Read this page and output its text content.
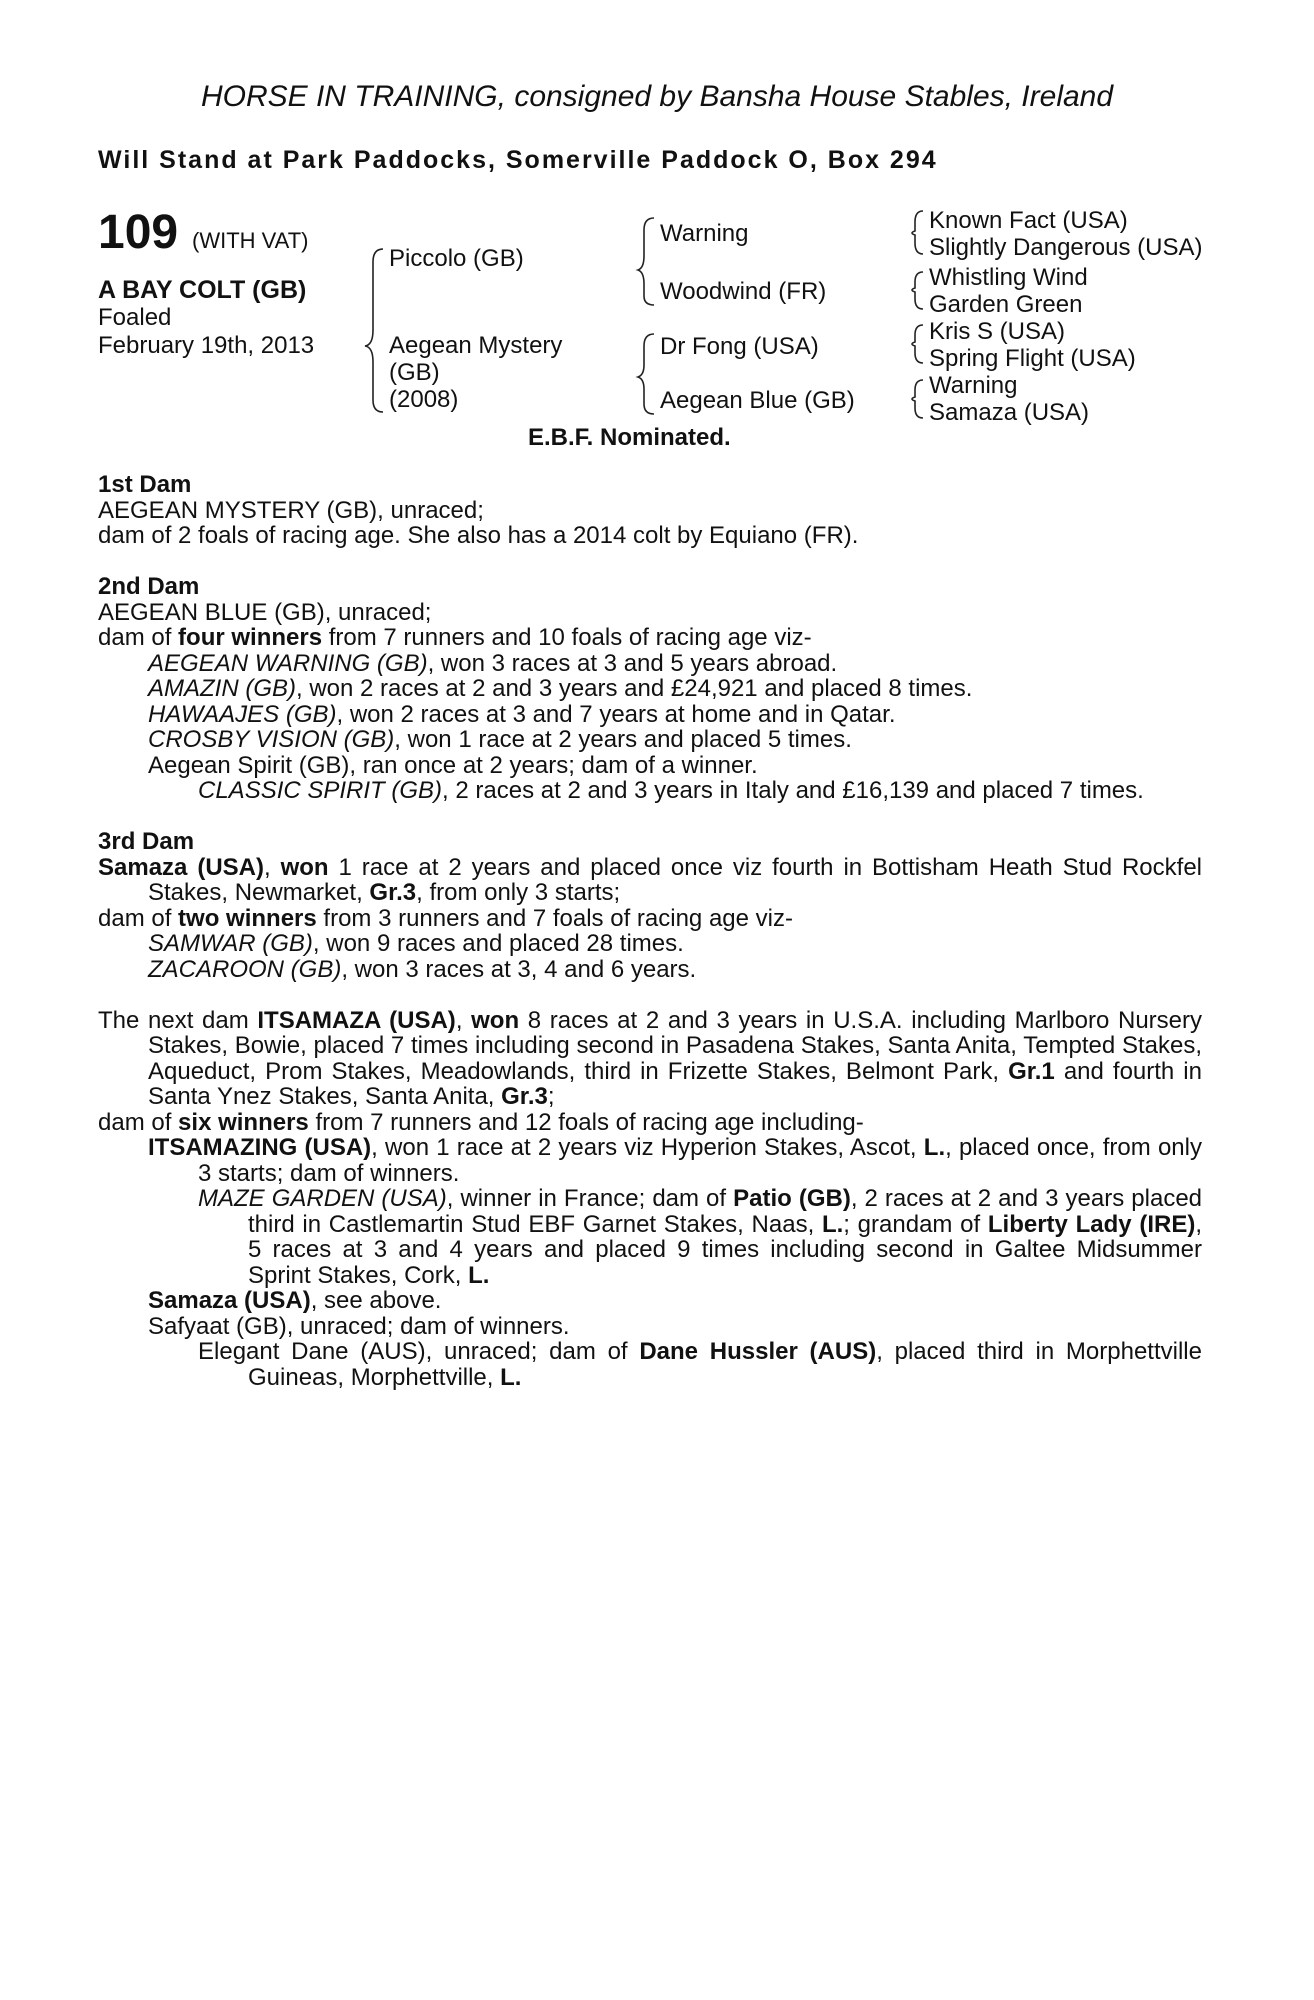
HORSE IN TRAINING, consigned by Bansha House Stables, Ireland
Will Stand at Park Paddocks, Somerville Paddock O, Box 294
109 (WITH VAT)
A BAY COLT (GB)
Foaled
February 19th, 2013
Piccolo (GB)
Aegean Mystery
(GB)
(2008)
Warning
Woodwind (FR)
Dr Fong (USA)
Aegean Blue (GB)
Known Fact (USA)
Slightly Dangerous (USA)
Whistling Wind
Garden Green
Kris S (USA)
Spring Flight (USA)
Warning
Samaza (USA)
E.B.F. Nominated.
1st Dam
AEGEAN MYSTERY (GB), unraced;
dam of 2 foals of racing age. She also has a 2014 colt by Equiano (FR).
2nd Dam
AEGEAN BLUE (GB), unraced;
dam of four winners from 7 runners and 10 foals of racing age viz-
AEGEAN WARNING (GB), won 3 races at 3 and 5 years abroad.
AMAZIN (GB), won 2 races at 2 and 3 years and £24,921 and placed 8 times.
HAWAAJES (GB), won 2 races at 3 and 7 years at home and in Qatar.
CROSBY VISION (GB), won 1 race at 2 years and placed 5 times.
Aegean Spirit (GB), ran once at 2 years; dam of a winner.
CLASSIC SPIRIT (GB), 2 races at 2 and 3 years in Italy and £16,139 and placed 7 times.
3rd Dam
Samaza (USA), won 1 race at 2 years and placed once viz fourth in Bottisham Heath Stud Rockfel Stakes, Newmarket, Gr.3, from only 3 starts;
dam of two winners from 3 runners and 7 foals of racing age viz-
SAMWAR (GB), won 9 races and placed 28 times.
ZACAROON (GB), won 3 races at 3, 4 and 6 years.
The next dam ITSAMAZA (USA), won 8 races at 2 and 3 years in U.S.A. including Marlboro Nursery Stakes, Bowie, placed 7 times including second in Pasadena Stakes, Santa Anita, Tempted Stakes, Aqueduct, Prom Stakes, Meadowlands, third in Frizette Stakes, Belmont Park, Gr.1 and fourth in Santa Ynez Stakes, Santa Anita, Gr.3;
dam of six winners from 7 runners and 12 foals of racing age including-
ITSAMAZING (USA), won 1 race at 2 years viz Hyperion Stakes, Ascot, L., placed once, from only 3 starts; dam of winners.
MAZE GARDEN (USA), winner in France; dam of Patio (GB), 2 races at 2 and 3 years placed third in Castlemartin Stud EBF Garnet Stakes, Naas, L.; grandam of Liberty Lady (IRE), 5 races at 3 and 4 years and placed 9 times including second in Galtee Midsummer Sprint Stakes, Cork, L.
Samaza (USA), see above.
Safyaat (GB), unraced; dam of winners.
Elegant Dane (AUS), unraced; dam of Dane Hussler (AUS), placed third in Morphettville Guineas, Morphettville, L.
